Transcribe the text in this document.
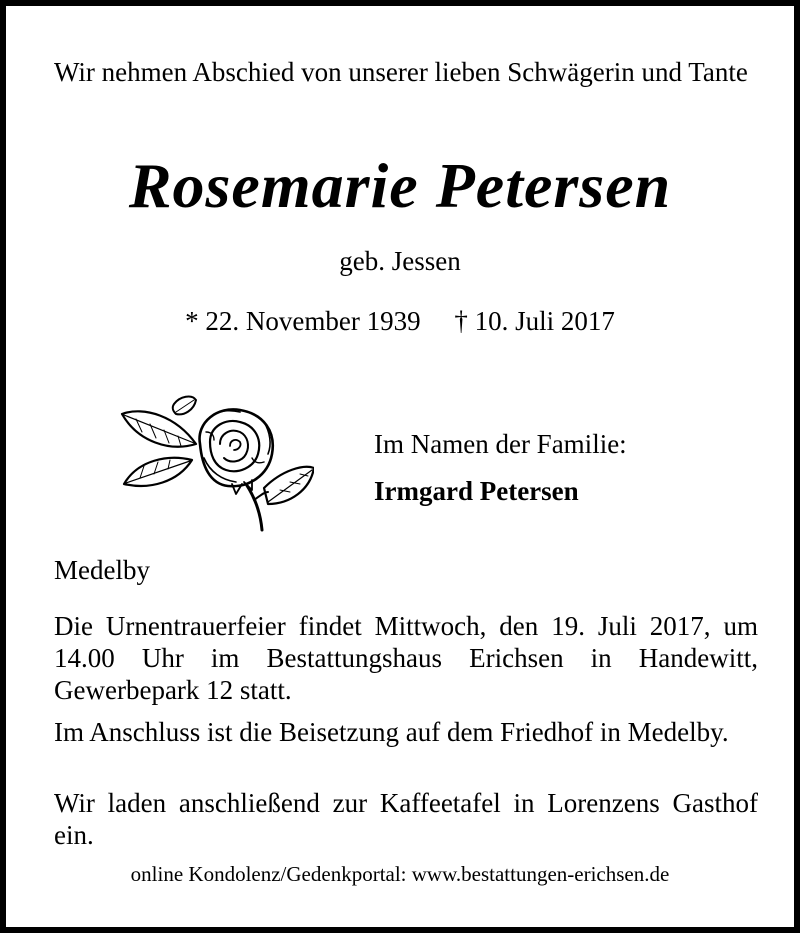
Wir nehmen Abschied von unserer lieben Schwägerin und Tante
Rosemarie Petersen
geb. Jessen
* 22. November 1939     † 10. Juli 2017
Im Namen der Familie:
Irmgard Petersen
Medelby
Die Urnentrauerfeier findet Mittwoch, den 19. Juli 2017, um 14.00 Uhr im Bestattungshaus Erichsen in Handewitt, Gewerbepark 12 statt.
Im Anschluss ist die Beisetzung auf dem Friedhof in Medelby.
Wir laden anschließend zur Kaffeetafel in Lorenzens Gasthof ein.
online Kondolenz/Gedenkportal: www.bestattungen-erichsen.de
